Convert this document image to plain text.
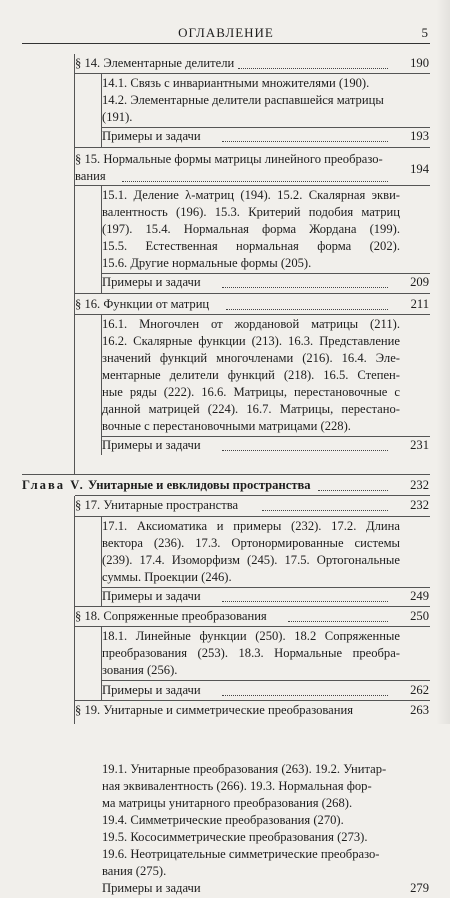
ОГЛАВЛЕНИЕ	5
§ 14. Элементарные делители	190
14.1. Связь с инвариантными множителями (190).
14.2. Элементарные делители распавшейся матрицы
(191).
Примеры и задачи	193
§ 15. Нормальные формы матрицы линейного преобразо-
вания	194
15.1. Деление λ-матриц (194). 15.2. Скалярная экви-
валентность (196). 15.3. Критерий подобия матриц
(197). 15.4. Нормальная форма Жордана (199).
15.5. Естественная нормальная форма (202).
15.6. Другие нормальные формы (205).
Примеры и задачи	209
§ 16. Функции от матриц	211
16.1. Многочлен от жордановой матрицы (211).
16.2. Скалярные функции (213). 16.3. Представление
значений функций многочленами (216). 16.4. Эле-
ментарные делители функций (218). 16.5. Степен-
ные ряды (222). 16.6. Матрицы, перестановочные с
данной матрицей (224). 16.7. Матрицы, перестано-
вочные с перестановочными матрицами (228).
Примеры и задачи	231
Глава V. Унитарные и евклидовы пространства	232
§ 17. Унитарные пространства	232
17.1. Аксиоматика и примеры (232). 17.2. Длина
вектора (236). 17.3. Ортонормированные системы
(239). 17.4. Изоморфизм (245). 17.5. Ортогональные
суммы. Проекции (246).
Примеры и задачи	249
§ 18. Сопряженные преобразования	250
18.1. Линейные функции (250). 18.2 Сопряженные
преобразования (253). 18.3. Нормальные преобра-
зования (256).
Примеры и задачи	262
§ 19. Унитарные и симметрические преобразования	263
19.1. Унитарные преобразования (263). 19.2. Унитар-
ная эквивалентность (266). 19.3. Нормальная фор-
ма матрицы унитарного преобразования (268).
19.4. Симметрические преобразования (270).
19.5. Кососимметрические преобразования (273).
19.6. Неотрицательные симметрические преобразо-
вания (275).
Примеры и задачи	279
